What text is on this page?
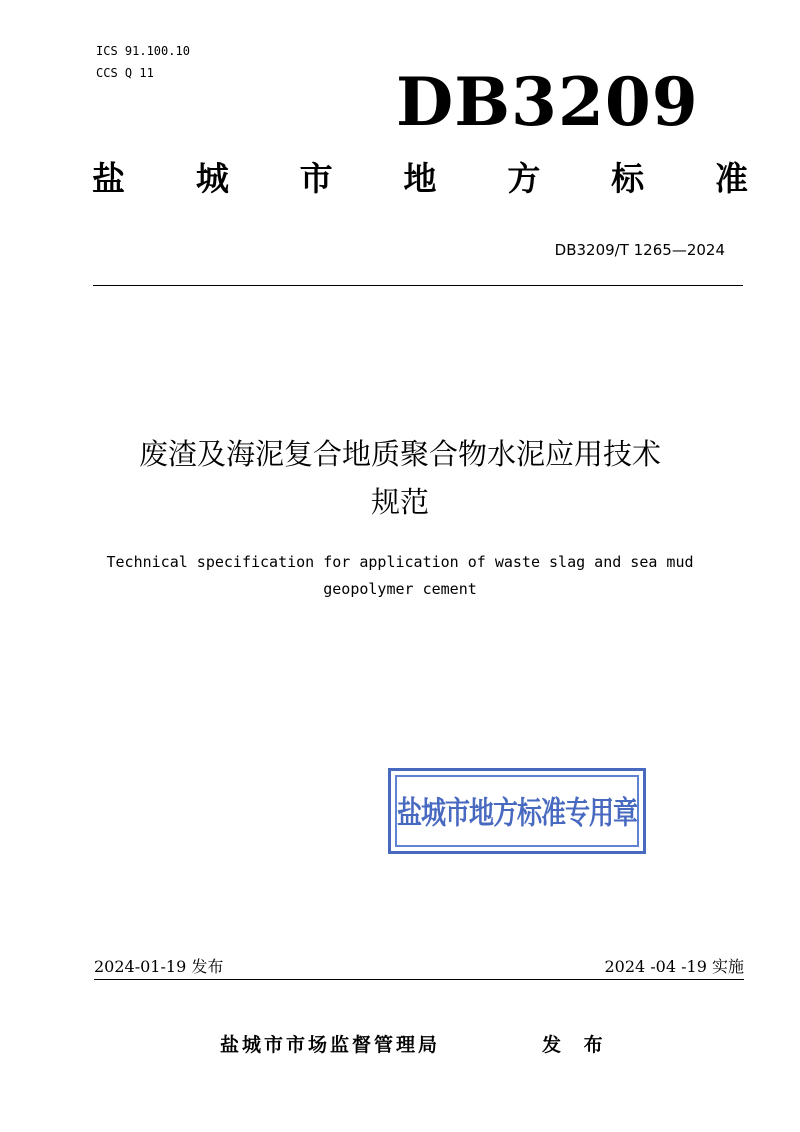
ICS 91.100.10
CCS Q 11	DB3209
盐 城 市 地 方 标 准
DB3209/T 1265—2024
废渣及海泥复合地质聚合物水泥应用技术
规范
Technical specification for application of waste slag and sea mud
geopolymer cement
盐城市地方标准专用章
2024-01-19 发布	2024 -04 -19 实施
盐城市市场监督管理局	发 布
